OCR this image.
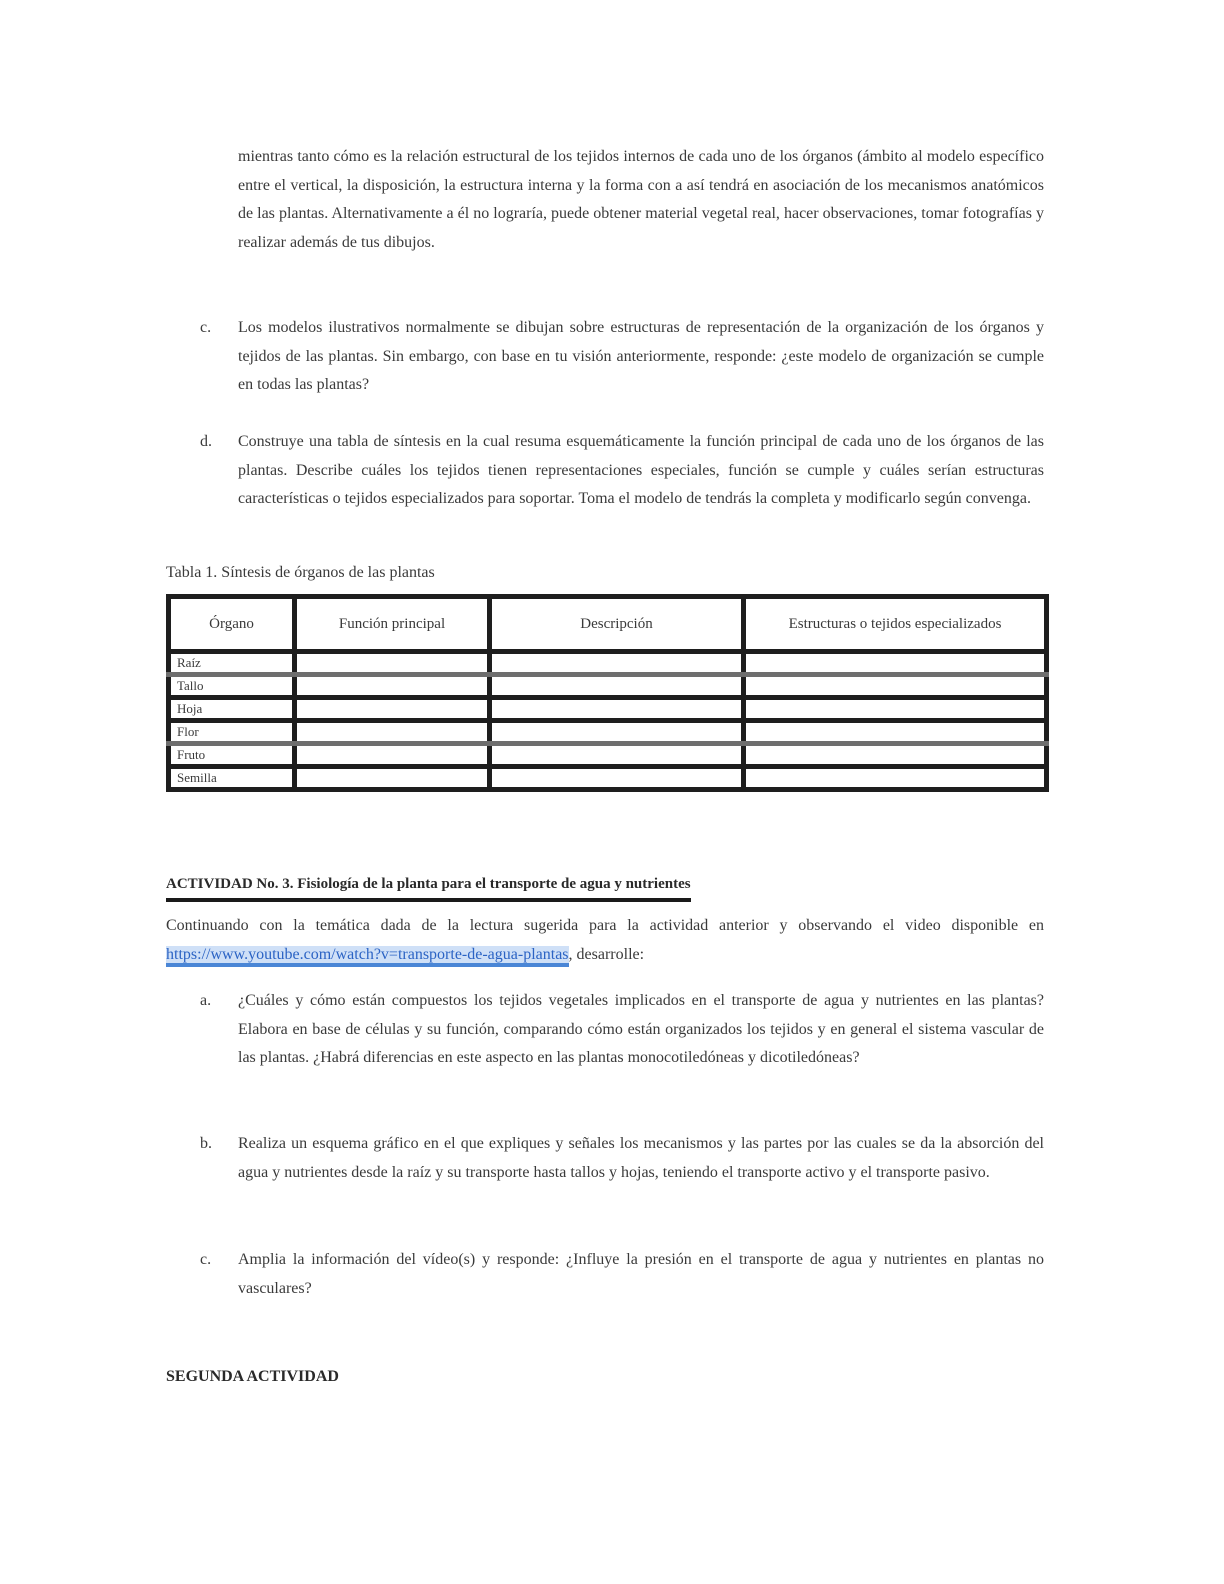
mientras tanto cómo es la relación estructural de los tejidos internos de cada uno de los órganos (ámbito al modelo específico entre el vertical, la disposición, la estructura interna y la forma con a así tendrá en asociación de los mecanismos anatómicos de las plantas. Alternativamente a él no lograría, puede obtener material vegetal real, hacer observaciones, tomar fotografías y realizar además de tus dibujos.

c.	Los modelos ilustrativos normalmente se dibujan sobre estructuras de representación de la organización de los órganos y tejidos de las plantas. Sin embargo, con base en tu visión anteriormente, responde: ¿este modelo de organización se cumple en todas las plantas?

d.	Construye una tabla de síntesis en la cual resuma esquemáticamente la función principal de cada uno de los órganos de las plantas. Describe cuáles los tejidos tienen representaciones especiales, función se cumple y cuáles serían estructuras características o tejidos especializados para soportar. Toma el modelo de tendrás la completa y modificarlo según convenga.

Tabla 1. Síntesis de órganos de las plantas
Órgano	Función principal	Descripción	Estructuras o tejidos especializados
Raíz			
Tallo			
Hoja			
Flor			
Fruto			
Semilla			
ACTIVIDAD No. 3. Fisiología de la planta para el transporte de agua y nutrientes

Continuando con la temática dada de la lectura sugerida para la actividad anterior y observando el video disponible en https://www.youtube.com/watch?v=transporte-de-agua-plantas, desarrolle:

a.	¿Cuáles y cómo están compuestos los tejidos vegetales implicados en el transporte de agua y nutrientes en las plantas? Elabora en base de células y su función, comparando cómo están organizados los tejidos y en general el sistema vascular de las plantas. ¿Habrá diferencias en este aspecto en las plantas monocotiledóneas y dicotiledóneas?

b.	Realiza un esquema gráfico en el que expliques y señales los mecanismos y las partes por las cuales se da la absorción del agua y nutrientes desde la raíz y su transporte hasta tallos y hojas, teniendo el transporte activo y el transporte pasivo.

c.	Amplia la información del vídeo(s) y responde: ¿Influye la presión en el transporte de agua y nutrientes en plantas no vasculares?

SEGUNDA ACTIVIDAD
